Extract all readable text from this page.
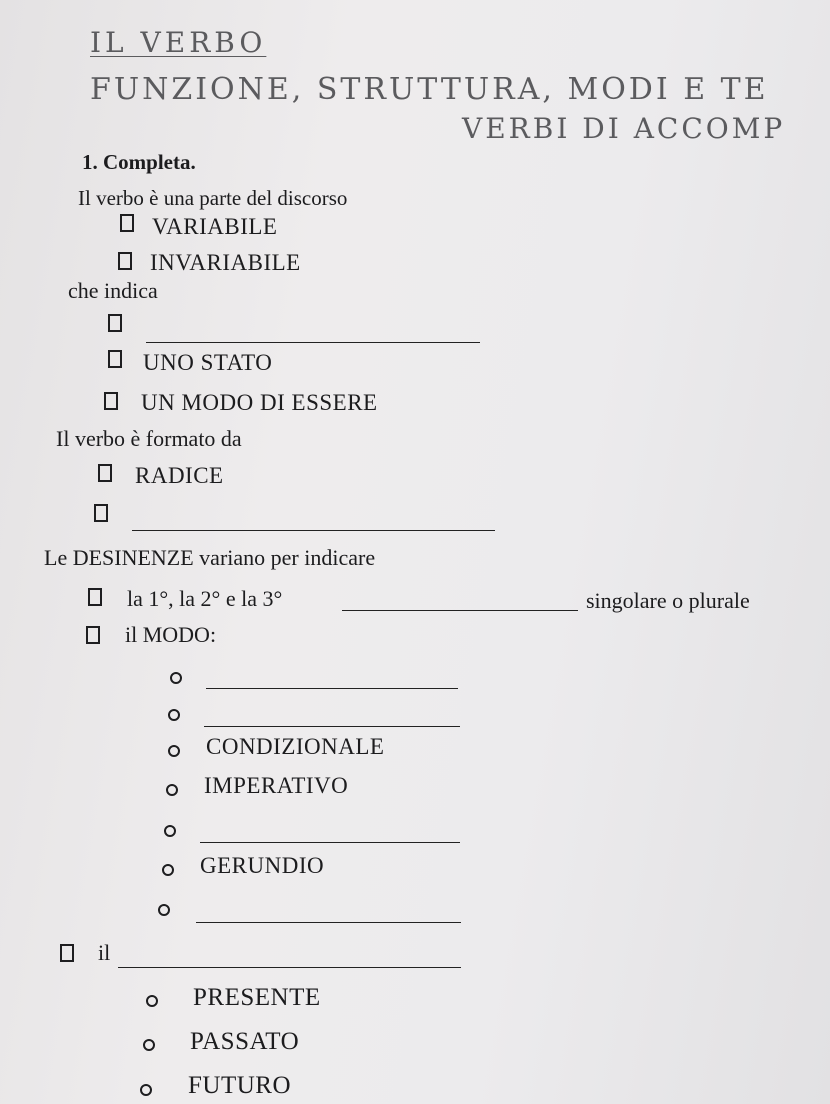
IL VERBO
FUNZIONE, STRUTTURA, MODI E TE
VERBI DI ACCOMP
1. Completa.
Il verbo è una parte del discorso
VARIABILE
INVARIABILE
che indica
UNO STATO
UN MODO DI ESSERE
Il verbo è formato da
RADICE
Le DESINENZE variano per indicare
la 1°, la 2° e la 3°	singolare o plurale
il MODO:
CONDIZIONALE
IMPERATIVO
GERUNDIO
il
PRESENTE
PASSATO
FUTURO
